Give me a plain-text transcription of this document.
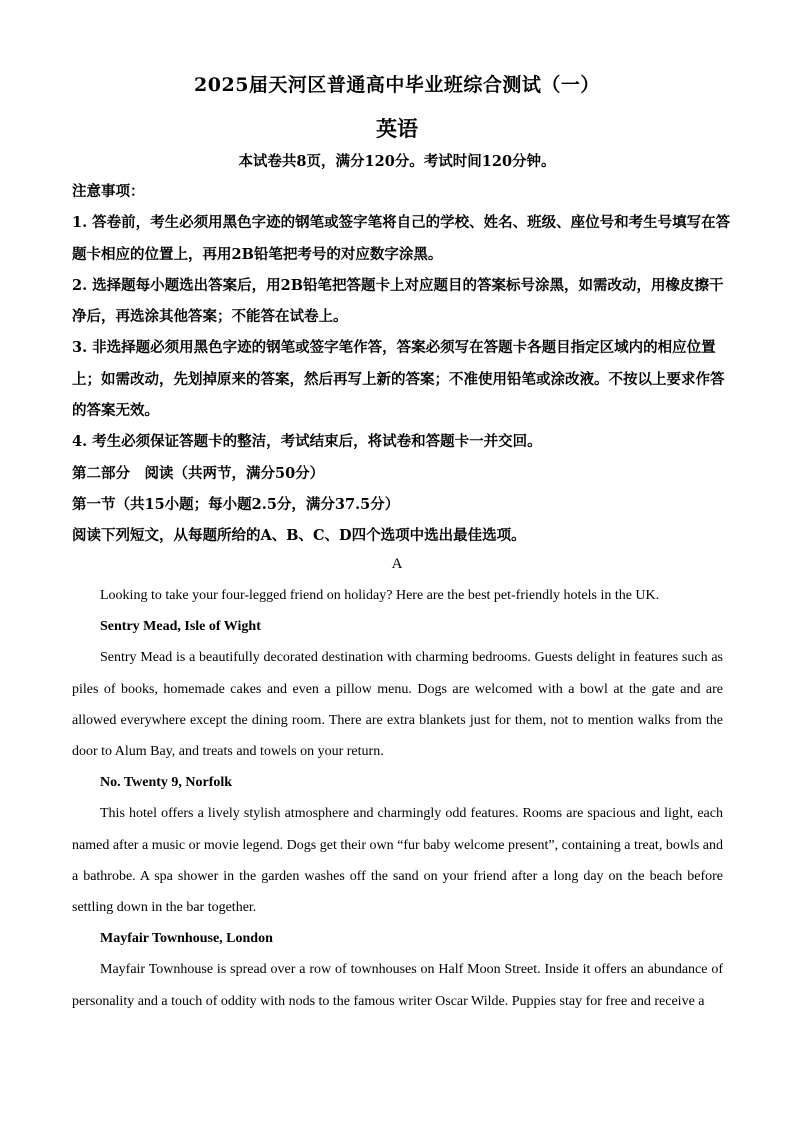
2025届天河区普通高中毕业班综合测试（一）
英语
本试卷共8页，满分120分。考试时间120分钟。

注意事项：

1. 答卷前，考生必须用黑色字迹的钢笔或签字笔将自己的学校、姓名、班级、座位号和考生号填写在答题卡相应的位置上，再用2B铅笔把考号的对应数字涂黑。

2. 选择题每小题选出答案后，用2B铅笔把答题卡上对应题目的答案标号涂黑，如需改动，用橡皮擦干净后，再选涂其他答案；不能答在试卷上。

3. 非选择题必须用黑色字迹的钢笔或签字笔作答，答案必须写在答题卡各题目指定区域内的相应位置上；如需改动，先划掉原来的答案，然后再写上新的答案；不准使用铅笔或涂改液。不按以上要求作答的答案无效。

4. 考生必须保证答题卡的整洁，考试结束后，将试卷和答题卡一并交回。

第二部分　阅读（共两节，满分50分）

第一节（共15小题；每小题2.5分，满分37.5分）

阅读下列短文，从每题所给的A、B、C、D四个选项中选出最佳选项。

A

Looking to take your four-legged friend on holiday? Here are the best pet-friendly hotels in the UK.

Sentry Mead, Isle of Wight

Sentry Mead is a beautifully decorated destination with charming bedrooms. Guests delight in features such as piles of books, homemade cakes and even a pillow menu. Dogs are welcomed with a bowl at the gate and are allowed everywhere except the dining room. There are extra blankets just for them, not to mention walks from the door to Alum Bay, and treats and towels on your return.

No. Twenty 9, Norfolk

This hotel offers a lively stylish atmosphere and charmingly odd features. Rooms are spacious and light, each named after a music or movie legend. Dogs get their own “fur baby welcome present”, containing a treat, bowls and a bathrobe. A spa shower in the garden washes off the sand on your friend after a long day on the beach before settling down in the bar together.

Mayfair Townhouse, London

Mayfair Townhouse is spread over a row of townhouses on Half Moon Street. Inside it offers an abundance of personality and a touch of oddity with nods to the famous writer Oscar Wilde. Puppies stay for free and receive a
